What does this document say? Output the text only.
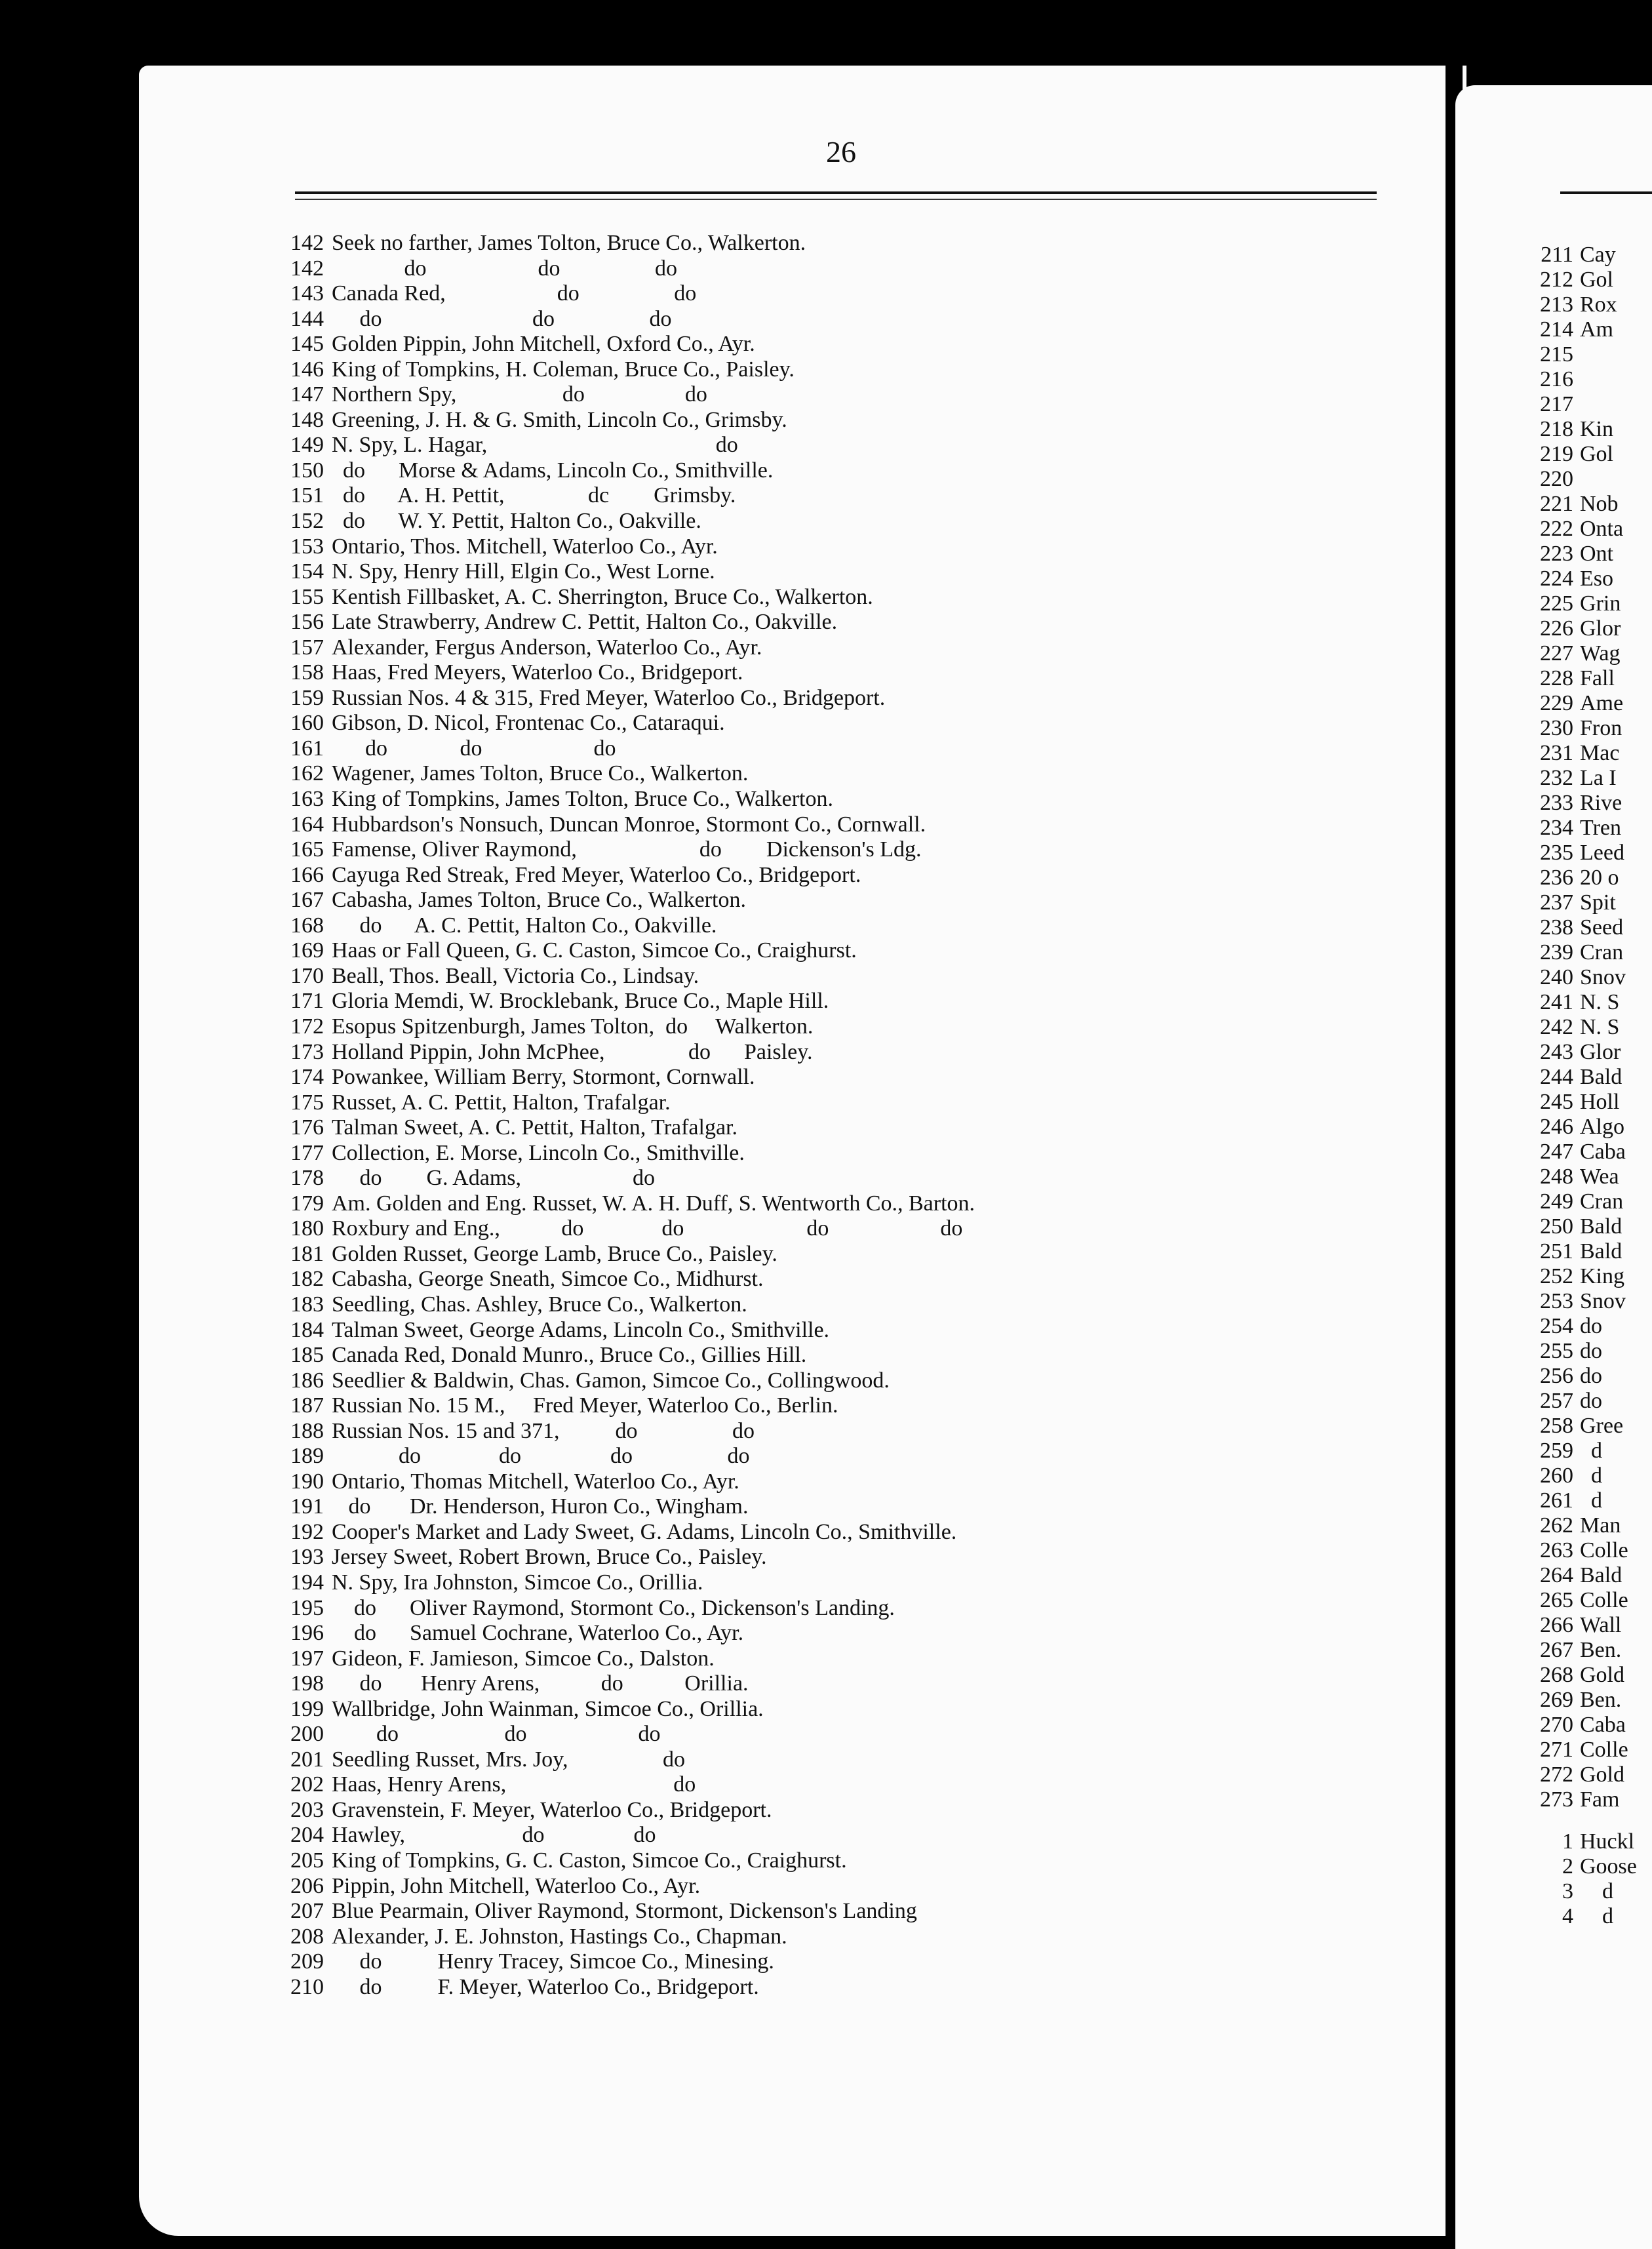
26
142 Seek no farther, James Tolton, Bruce Co., Walkerton.
142 do                    do                 do
143 Canada Red,                    do                 do
144 do                           do                 do
145 Golden Pippin, John Mitchell, Oxford Co., Ayr.
146 King of Tompkins, H. Coleman, Bruce Co., Paisley.
147 Northern Spy,                   do                  do
148 Greening, J. H. & G. Smith, Lincoln Co., Grimsby.
149 N. Spy, L. Hagar,                                         do
150 do      Morse & Adams, Lincoln Co., Smithville.
151 do      A. H. Pettit,               dc        Grimsby.
152 do      W. Y. Pettit, Halton Co., Oakville.
153 Ontario, Thos. Mitchell, Waterloo Co., Ayr.
154 N. Spy, Henry Hill, Elgin Co., West Lorne.
155 Kentish Fillbasket, A. C. Sherrington, Bruce Co., Walkerton.
156 Late Strawberry, Andrew C. Pettit, Halton Co., Oakville.
157 Alexander, Fergus Anderson, Waterloo Co., Ayr.
158 Haas, Fred Meyers, Waterloo Co., Bridgeport.
159 Russian Nos. 4 & 315, Fred Meyer, Waterloo Co., Bridgeport.
160 Gibson, D. Nicol, Frontenac Co., Cataraqui.
161 do             do                    do
162 Wagener, James Tolton, Bruce Co., Walkerton.
163 King of Tompkins, James Tolton, Bruce Co., Walkerton.
164 Hubbardson's Nonsuch, Duncan Monroe, Stormont Co., Cornwall.
165 Famense, Oliver Raymond,                      do        Dickenson's Ldg.
166 Cayuga Red Streak, Fred Meyer, Waterloo Co., Bridgeport.
167 Cabasha, James Tolton, Bruce Co., Walkerton.
168 do      A. C. Pettit, Halton Co., Oakville.
169 Haas or Fall Queen, G. C. Caston, Simcoe Co., Craighurst.
170 Beall, Thos. Beall, Victoria Co., Lindsay.
171 Gloria Memdi, W. Brocklebank, Bruce Co., Maple Hill.
172 Esopus Spitzenburgh, James Tolton,  do     Walkerton.
173 Holland Pippin, John McPhee,               do      Paisley.
174 Powankee, William Berry, Stormont, Cornwall.
175 Russet, A. C. Pettit, Halton, Trafalgar.
176 Talman Sweet, A. C. Pettit, Halton, Trafalgar.
177 Collection, E. Morse, Lincoln Co., Smithville.
178 do        G. Adams,                    do
179 Am. Golden and Eng. Russet, W. A. H. Duff, S. Wentworth Co., Barton.
180 Roxbury and Eng.,           do              do                      do                    do
181 Golden Russet, George Lamb, Bruce Co., Paisley.
182 Cabasha, George Sneath, Simcoe Co., Midhurst.
183 Seedling, Chas. Ashley, Bruce Co., Walkerton.
184 Talman Sweet, George Adams, Lincoln Co., Smithville.
185 Canada Red, Donald Munro., Bruce Co., Gillies Hill.
186 Seedlier & Baldwin, Chas. Gamon, Simcoe Co., Collingwood.
187 Russian No. 15 M.,     Fred Meyer, Waterloo Co., Berlin.
188 Russian Nos. 15 and 371,          do                 do
189 do              do                do                 do
190 Ontario, Thomas Mitchell, Waterloo Co., Ayr.
191 do       Dr. Henderson, Huron Co., Wingham.
192 Cooper's Market and Lady Sweet, G. Adams, Lincoln Co., Smithville.
193 Jersey Sweet, Robert Brown, Bruce Co., Paisley.
194 N. Spy, Ira Johnston, Simcoe Co., Orillia.
195 do      Oliver Raymond, Stormont Co., Dickenson's Landing.
196 do      Samuel Cochrane, Waterloo Co., Ayr.
197 Gideon, F. Jamieson, Simcoe Co., Dalston.
198 do       Henry Arens,           do           Orillia.
199 Wallbridge, John Wainman, Simcoe Co., Orillia.
200 do                   do                    do
201 Seedling Russet, Mrs. Joy,                 do
202 Haas, Henry Arens,                              do
203 Gravenstein, F. Meyer, Waterloo Co., Bridgeport.
204 Hawley,                     do                do
205 King of Tompkins, G. C. Caston, Simcoe Co., Craighurst.
206 Pippin, John Mitchell, Waterloo Co., Ayr.
207 Blue Pearmain, Oliver Raymond, Stormont, Dickenson's Landing
208 Alexander, J. E. Johnston, Hastings Co., Chapman.
209 do          Henry Tracey, Simcoe Co., Minesing.
210 do          F. Meyer, Waterloo Co., Bridgeport.
211 Cay
212 Gol
213 Rox
214 Am
215
216
217
218 Kin
219 Gol
220
221 Nob
222 Onta
223 Ont
224 Eso
225 Grin
226 Glor
227 Wag
228 Fall
229 Ame
230 Fron
231 Mac
232 La I
233 Rive
234 Tren
235 Leed
236 20 o
237 Spit
238 Seed
239 Cran
240 Snov
241 N. S
242 N. S
243 Glor
244 Bald
245 Holl
246 Algo
247 Caba
248 Wea
249 Cran
250 Bald
251 Bald
252 King
253 Snov
254 do
255 do
256 do
257 do
258 Gree
259  d
260  d
261  d
262 Man
263 Colle
264 Bald
265 Colle
266 Wall
267 Ben.
268 Gold
269 Ben.
270 Caba
271 Colle
272 Gold
273 Fam
1 Huckl
2 Goose
3    d
4    d
